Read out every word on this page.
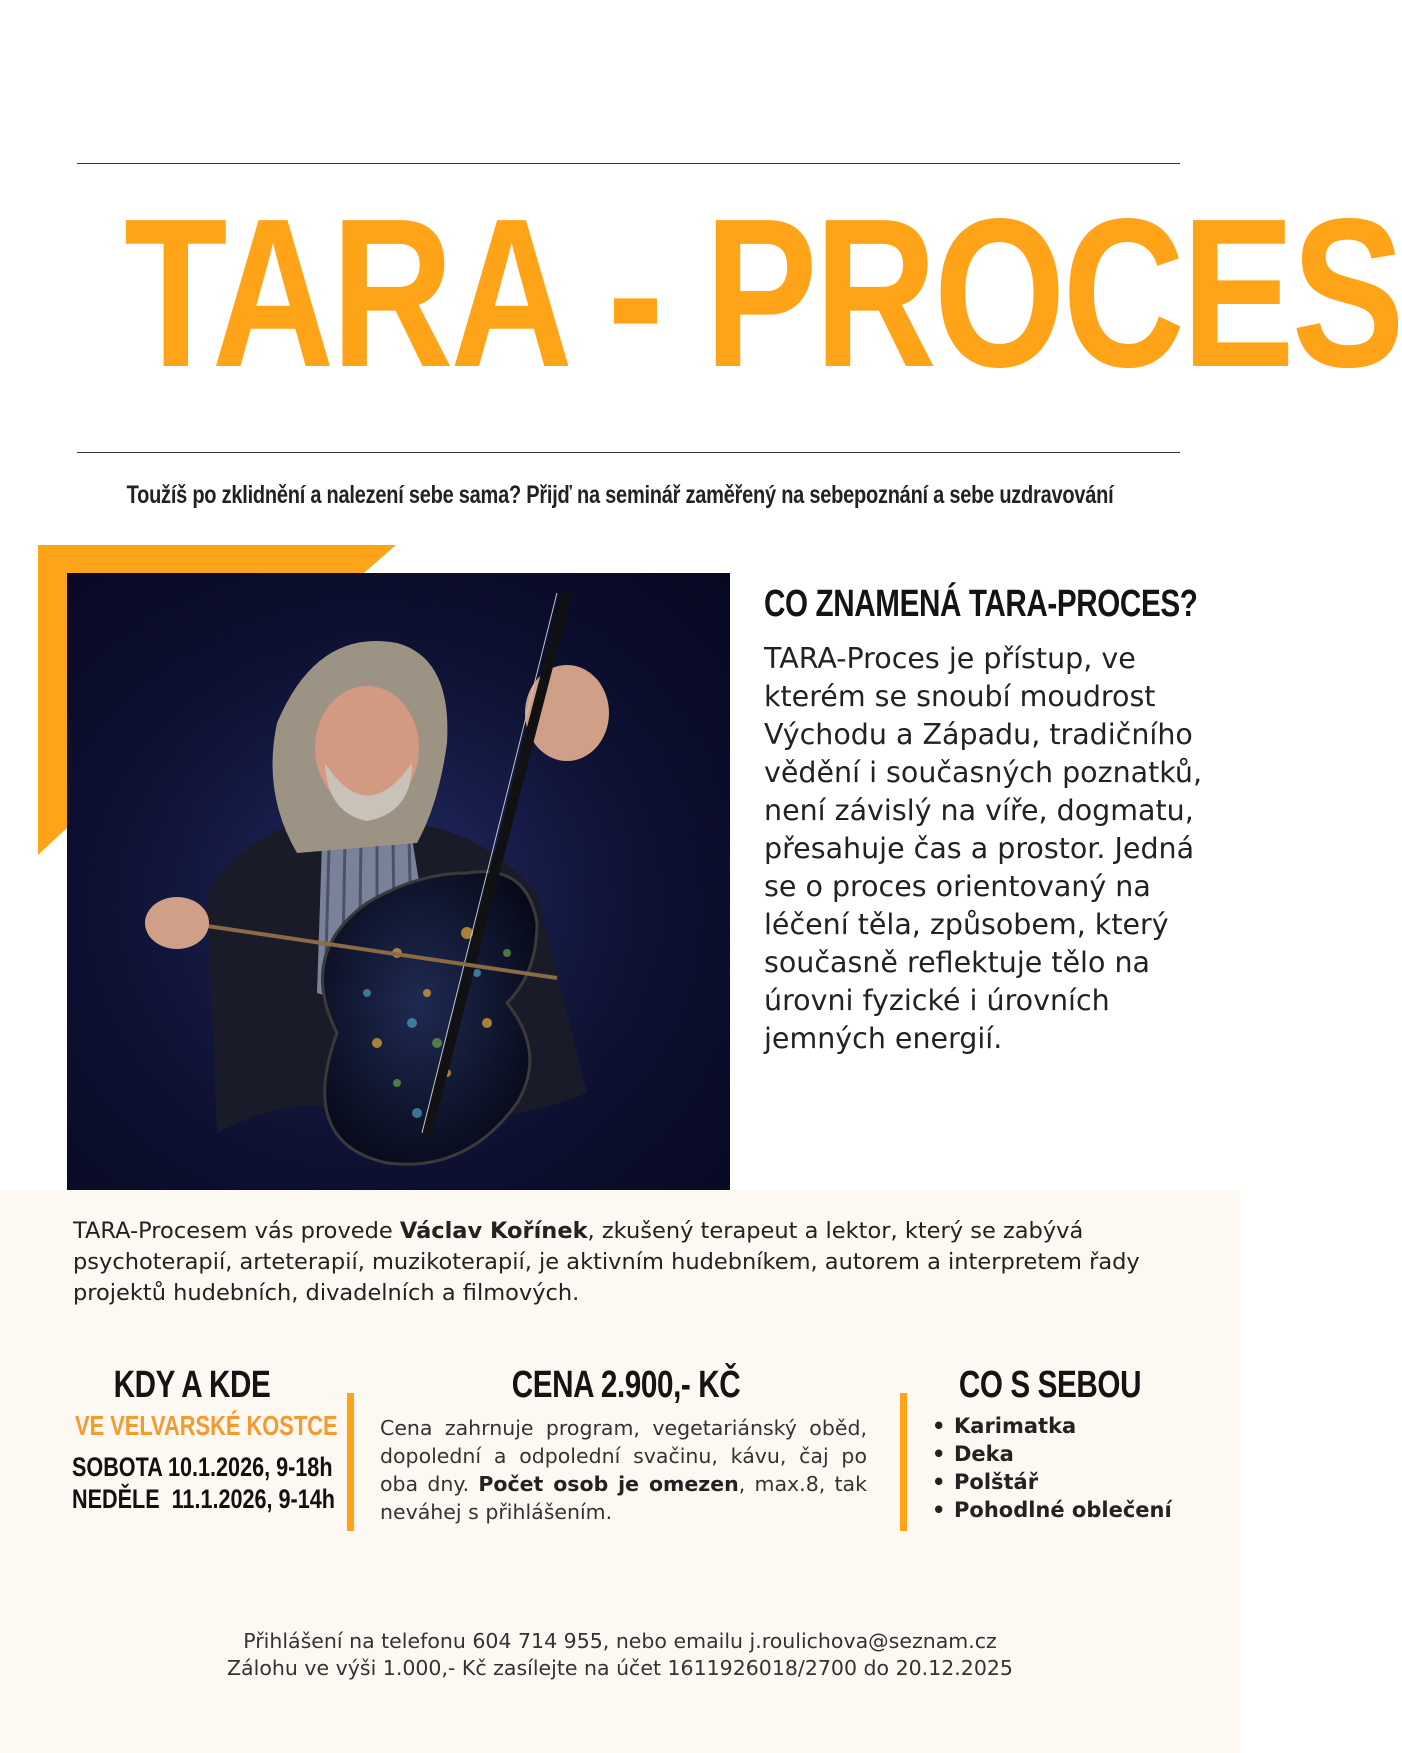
TARA - PROCES
Toužíš po zklidnění a nalezení sebe sama? Přijď na seminář zaměřený na sebepoznání a sebe uzdravování
CO ZNAMENÁ TARA-PROCES?

TARA-Proces je přístup, ve kterém se snoubí moudrost Východu a Západu, tradičního vědění i současných poznatků, není závislý na víře, dogmatu, přesahuje čas a prostor. Jedná se o proces orientovaný na léčení těla, způsobem, který současně reflektuje tělo na úrovni fyzické i úrovních jemných energií.

TARA-Procesem vás provede Václav Kořínek, zkušený terapeut a lektor, který se zabývá psychoterapií, arteterapií, muzikoterapií, je aktivním hudebníkem, autorem a interpretem řady projektů hudebních, divadelních a filmových.

KDY A KDE
VE VELVARSKÉ KOSTCE
SOBOTA 10.1.2026, 9-18h
NEDĚLE  11.1.2026, 9-14h
CENA 2.900,- KČ

Cena zahrnuje program, vegetariánský oběd, dopolední a odpolední svačinu, kávu, čaj po oba dny. Počet osob je omezen, max.8, tak neváhej s přihlášením.

CO S SEBOU
• Karimatka
• Deka
• Polštář
• Pohodlné oblečení
Přihlášení na telefonu 604 714 955, nebo emailu j.roulichova@seznam.cz
Zálohu ve výši 1.000,- Kč zasílejte na účet 1611926018/2700 do 20.12.2025
